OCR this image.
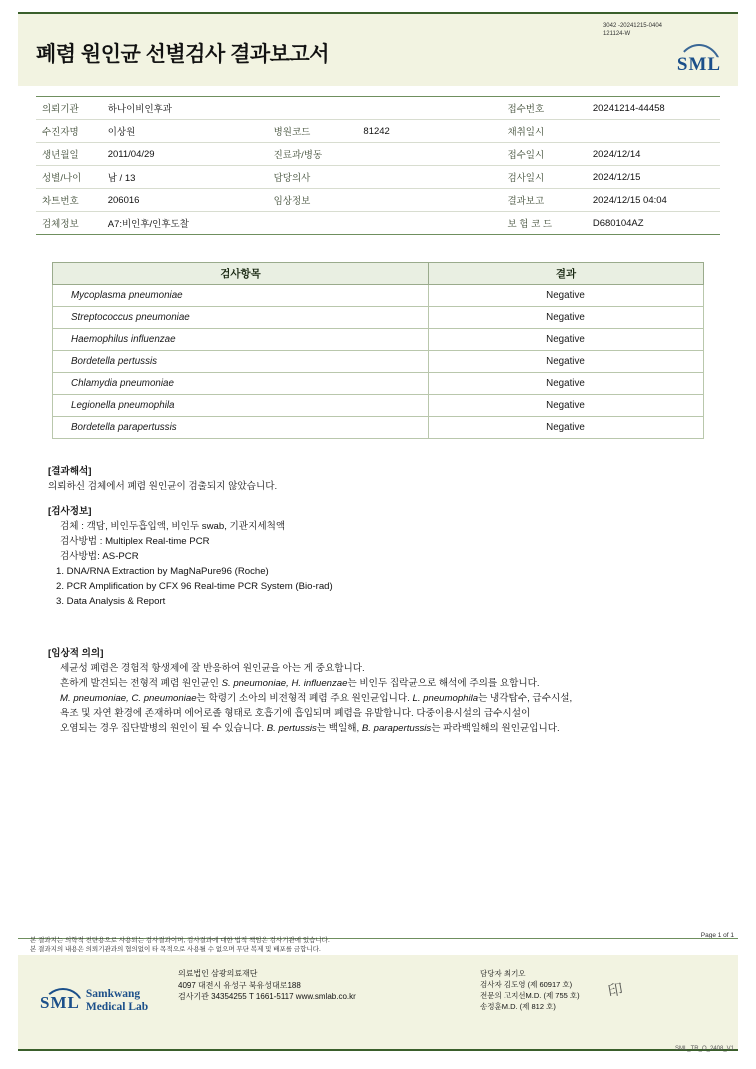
폐렴 원인균 선별검사 결과보고서
3042 -20241215-0404
121124-W
SML
의뢰기관	하나이비인후과			접수번호	20241214-44458
수진자명	이상원	병원코드	81242	채취일시	
생년월일	2011/04/29	진료과/병동		접수일시	2024/12/14
성별/나이	남 / 13	담당의사		검사일시	2024/12/15
차트번호	206016	임상정보		결과보고	2024/12/15 04:04
검체정보	A7:비인후/인후도찰			보 험 코 드	D680104AZ
검사항목	결과
Mycoplasma pneumoniae	Negative
Streptococcus pneumoniae	Negative
Haemophilus influenzae	Negative
Bordetella pertussis	Negative
Chlamydia pneumoniae	Negative
Legionella pneumophila	Negative
Bordetella parapertussis	Negative
[결과해석]
의뢰하신 검체에서 폐렴 원인균이 검출되지 않았습니다.
[검사정보]
검체 : 객담, 비인두흡입액, 비인두 swab, 기관지세척액
검사방법 : Multiplex Real-time PCR
검사방법: AS-PCR
1. DNA/RNA Extraction by MagNaPure96 (Roche)
2. PCR Amplification by CFX 96 Real-time PCR System (Bio-rad)
3. Data Analysis & Report
[임상적 의의]
세균성 폐렴은 경험적 항생제에 잘 반응하여 원인균을 아는 게 중요합니다.
흔하게 발견되는 전형적 폐렴 원인균인 S. pneumoniae, H. influenzae는 비인두 집락균으로 해석에 주의를 요합니다.
M. pneumoniae, C. pneumoniae는 학령기 소아의 비전형적 폐렴 주요 원인균입니다. L. pneumophila는 냉각탑수, 급수시설,
욕조 및 자연 환경에 존재하며 에어로졸 형태로 호흡기에 흡입되며 폐렴을 유발합니다. 다중이용시설의 급수시설이
오염되는 경우 집단발병의 원인이 될 수 있습니다. B. pertussis는 백일해, B. parapertussis는 파라백일해의 원인균입니다.
Page 1 of 1
본 결과지는 의학적 진단용으로 사용되는 검사결과이며, 검사결과에 대한 법적 책임은 검사기관에 있습니다.
본 결과지의 내용은 의뢰기관과의 협의없이 타 목적으로 사용될 수 없으며 무단 복제 및 배포를 금합니다.
SML Samkwang
Medical Lab
의료법인 삼광의료재단
4097 대전시 유성구 북유성대로188
검사기관 34354255 T 1661-5117 www.smlab.co.kr
담당자 최기오
검사자 김도영 (제 60917 호)
전문의 고지선M.D. (제 755 호)
송정훈M.D. (제 812 호)
印
SML_TR_O_2408_V1
